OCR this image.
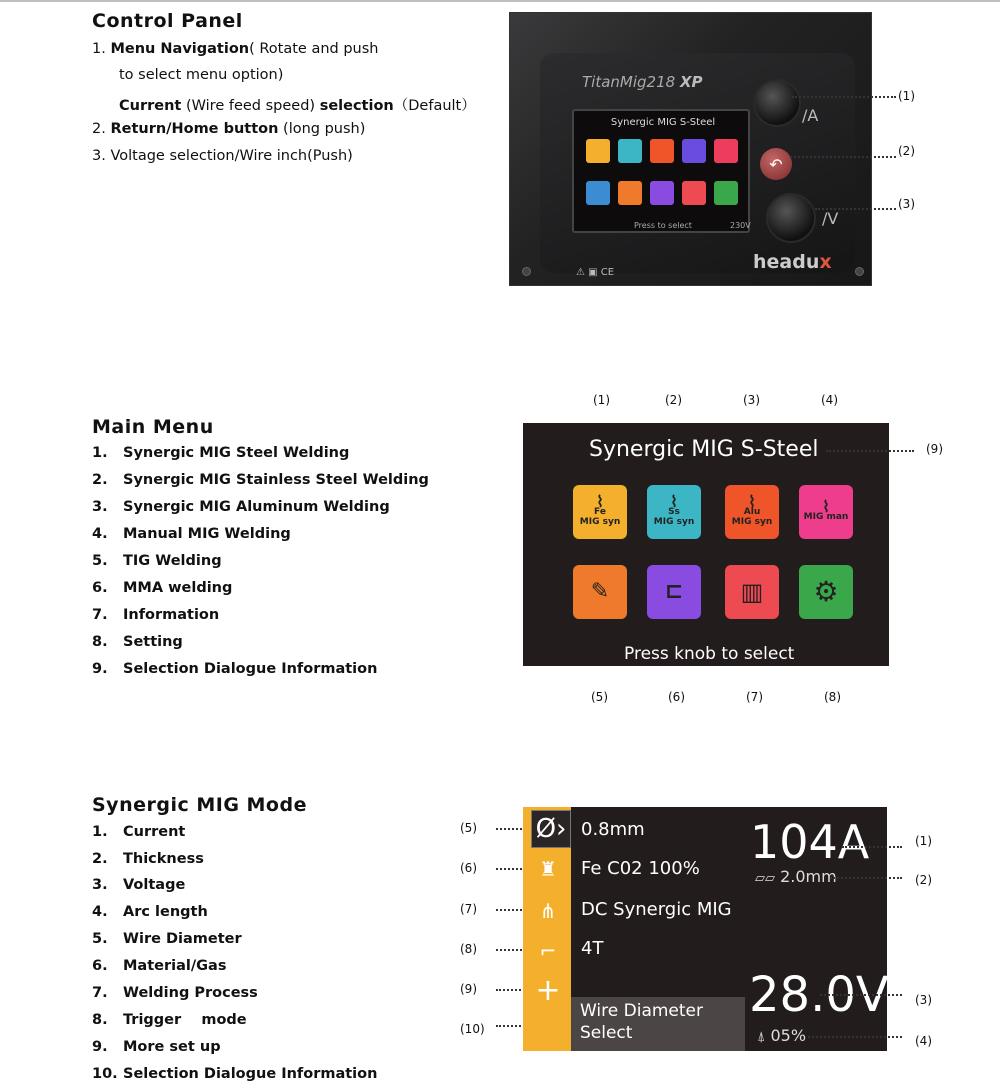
Control Panel
1. Menu Navigation( Rotate and push
to select menu option)
Current (Wire feed speed) selection（Default）
2. Return/Home button (long push)
3. Voltage selection/Wire inch(Push)
TitanMig218 XP
Synergic MIG S-Steel
Press to select	230V
/A
↶
/V
headux
⚠ ▣ CE
(1)
(2)
(3)
Main Menu
1.	Synergic MIG Steel Welding
2.	Synergic MIG Stainless Steel Welding
3.	Synergic MIG Aluminum Welding
4.	Manual MIG Welding
5.	TIG Welding
6.	MMA welding
7.	Information
8.	Setting
9.	Selection Dialogue Information
(1)	(2)	(3)	(4)
Synergic MIG S-Steel
⌇
Fe
MIG syn
⌇
Ss
MIG syn
⌇
Alu
MIG syn
⌇
MIG man
✎	⊏ ▥ ⚙
Press knob to select
(9)
(5)	(6)	(7)	(8)
Synergic MIG Mode
1.	Current
2.	Thickness
3.	Voltage
4.	Arc length
5.	Wire Diameter
6.	Material/Gas
7.	Welding Process
8.	Trigger    mode
9.	More set up
10. Selection Dialogue Information
(5)
(6)
(7)
(8)
(9)
(10)
Ø›
♜
⋔
⌐
+
0.8mm
Fe C02 100%
DC Synergic MIG
4T
104A
▱▱ 2.0mm
28.0V
Wire Diameter
Select	⍋ 05%
(1)
(2)
(3)
(4)
